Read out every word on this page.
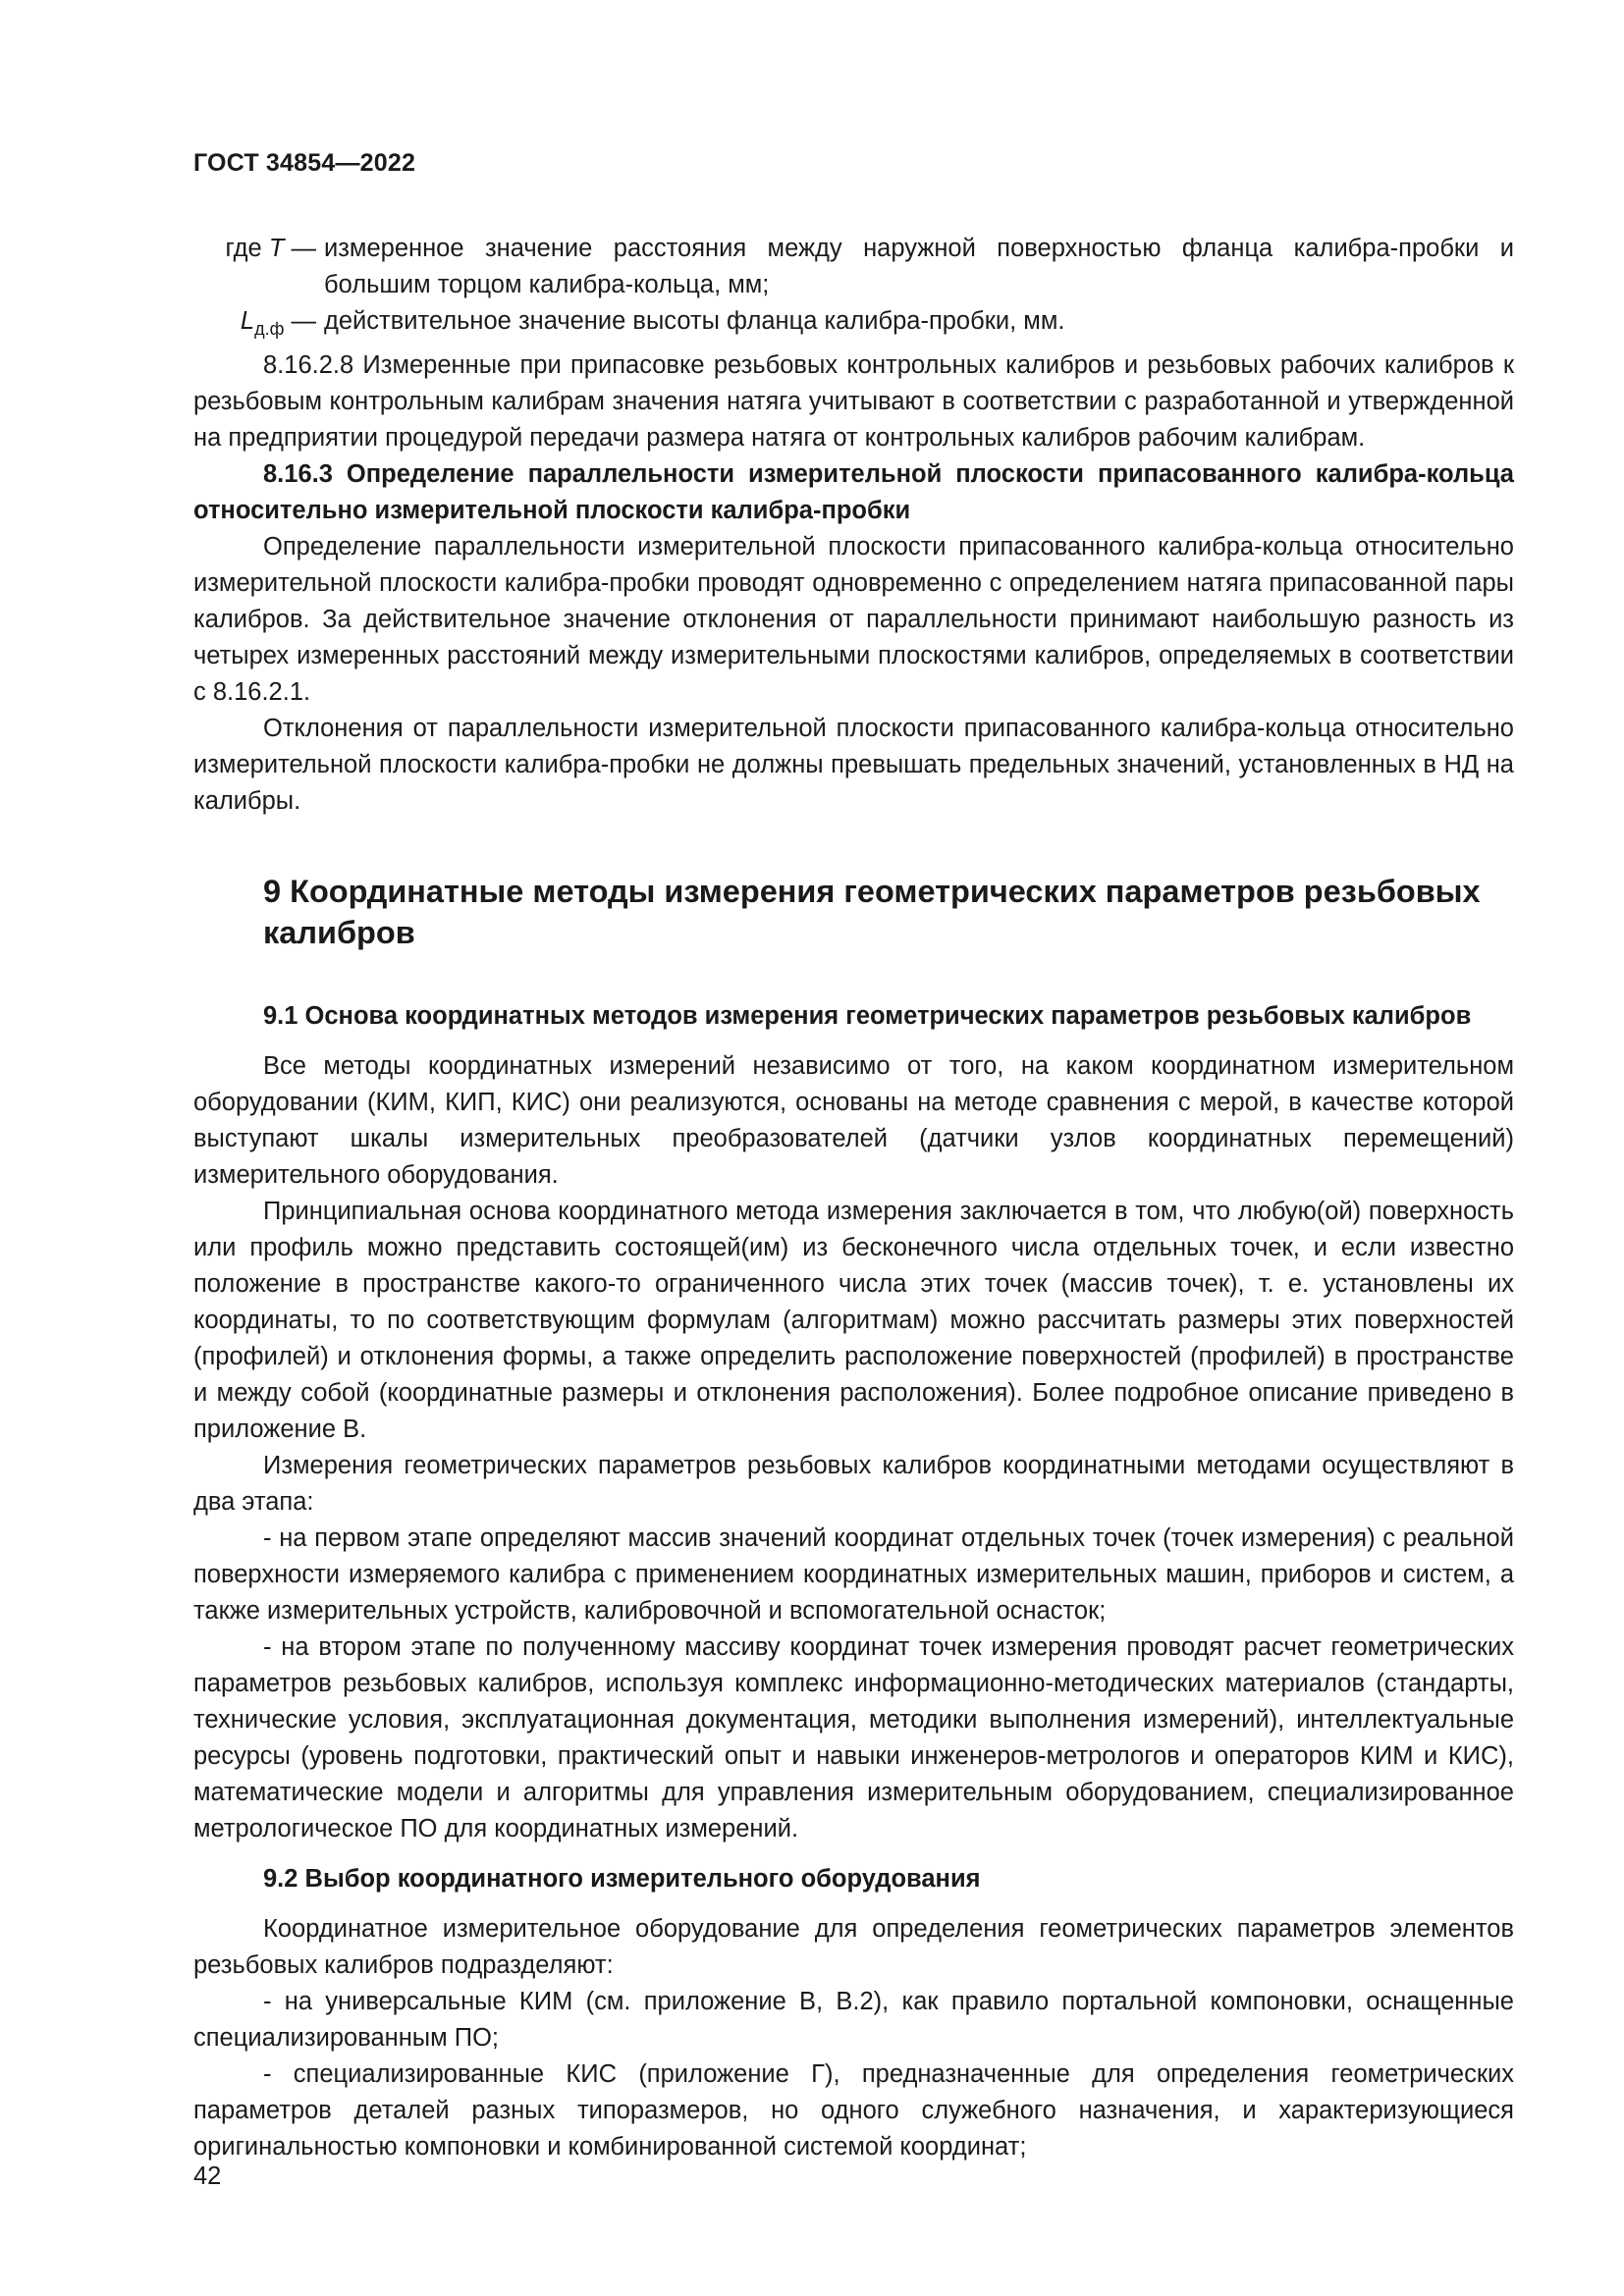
ГОСТ 34854—2022
где T — измеренное значение расстояния между наружной поверхностью фланца калибра-пробки и большим торцом калибра-кольца, мм;
$L_{д.ф}$ — действительное значение высоты фланца калибра-пробки, мм.

8.16.2.8 Измеренные при припасовке резьбовых контрольных калибров и резьбовых рабочих калибров к резьбовым контрольным калибрам значения натяга учитывают в соответствии с разработанной и утвержденной на предприятии процедурой передачи размера натяга от контрольных калибров рабочим калибрам.

8.16.3 Определение параллельности измерительной плоскости припасованного калибра-кольца относительно измерительной плоскости калибра-пробки

Определение параллельности измерительной плоскости припасованного калибра-кольца относительно измерительной плоскости калибра-пробки проводят одновременно с определением натяга припасованной пары калибров. За действительное значение отклонения от параллельности принимают наибольшую разность из четырех измеренных расстояний между измерительными плоскостями калибров, определяемых в соответствии с 8.16.2.1.

Отклонения от параллельности измерительной плоскости припасованного калибра-кольца относительно измерительной плоскости калибра-пробки не должны превышать предельных значений, установленных в НД на калибры.

9 Координатные методы измерения геометрических параметров резьбовых калибров
9.1 Основа координатных методов измерения геометрических параметров резьбовых калибров

Все методы координатных измерений независимо от того, на каком координатном измерительном оборудовании (КИМ, КИП, КИС) они реализуются, основаны на методе сравнения с мерой, в качестве которой выступают шкалы измерительных преобразователей (датчики узлов координатных перемещений) измерительного оборудования.

Принципиальная основа координатного метода измерения заключается в том, что любую(ой) поверхность или профиль можно представить состоящей(им) из бесконечного числа отдельных точек, и если известно положение в пространстве какого-то ограниченного числа этих точек (массив точек), т. е. установлены их координаты, то по соответствующим формулам (алгоритмам) можно рассчитать размеры этих поверхностей (профилей) и отклонения формы, а также определить расположение поверхностей (профилей) в пространстве и между собой (координатные размеры и отклонения расположения). Более подробное описание приведено в приложение В.

Измерения геометрических параметров резьбовых калибров координатными методами осуществляют в два этапа:

- на первом этапе определяют массив значений координат отдельных точек (точек измерения) с реальной поверхности измеряемого калибра с применением координатных измерительных машин, приборов и систем, а также измерительных устройств, калибровочной и вспомогательной оснасток;

- на втором этапе по полученному массиву координат точек измерения проводят расчет геометрических параметров резьбовых калибров, используя комплекс информационно-методических материалов (стандарты, технические условия, эксплуатационная документация, методики выполнения измерений), интеллектуальные ресурсы (уровень подготовки, практический опыт и навыки инженеров-метрологов и операторов КИМ и КИС), математические модели и алгоритмы для управления измерительным оборудованием, специализированное метрологическое ПО для координатных измерений.

9.2 Выбор координатного измерительного оборудования

Координатное измерительное оборудование для определения геометрических параметров элементов резьбовых калибров подразделяют:

- на универсальные КИМ (см. приложение В, В.2), как правило портальной компоновки, оснащенные специализированным ПО;

- специализированные КИС (приложение Г), предназначенные для определения геометрических параметров деталей разных типоразмеров, но одного служебного назначения, и характеризующиеся оригинальностью компоновки и комбинированной системой координат;

42
